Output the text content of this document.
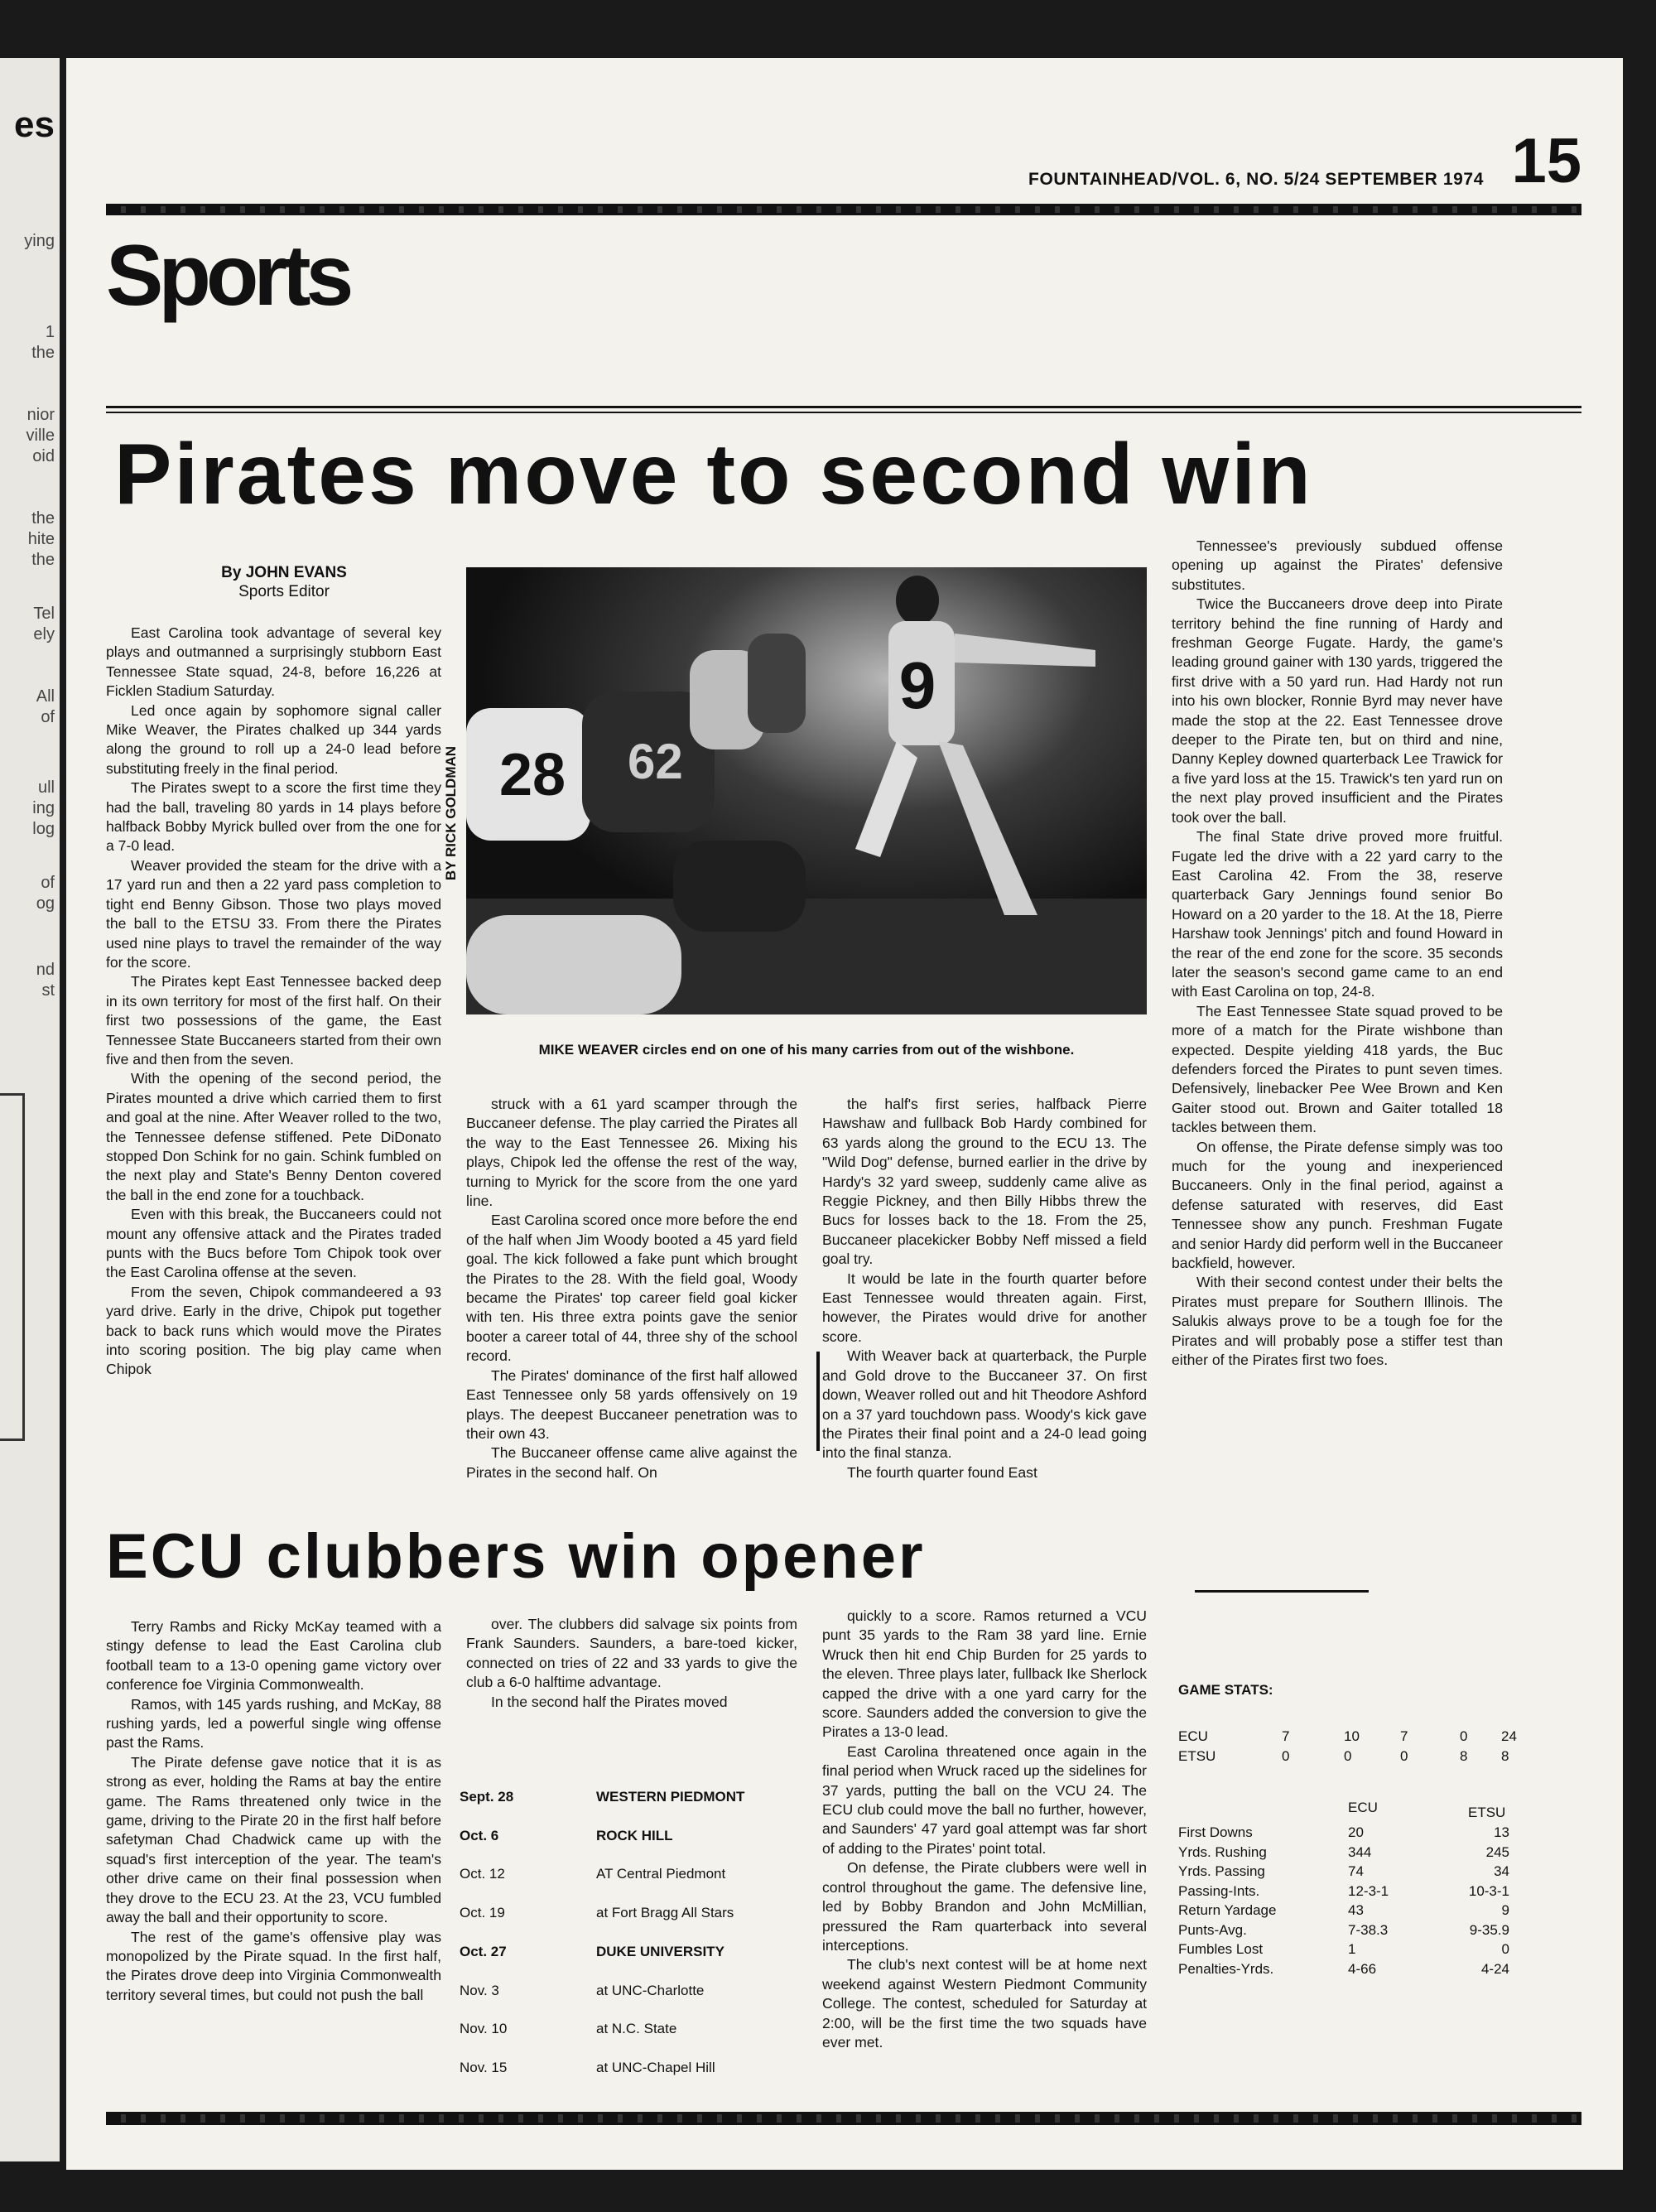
es
ying
1
the
nior
ville
oid
the
hite
the
Tel
ely
All
of
ull
ing
log
of
og
nd
st
FOUNTAINHEAD/VOL. 6, NO. 5/24 SEPTEMBER 1974 15
Sports
Pirates move to second win
By JOHN EVANS
Sports Editor

East Carolina took advantage of several key plays and outmanned a surprisingly stubborn East Tennessee State squad, 24-8, before 16,226 at Ficklen Stadium Saturday.

Led once again by sophomore signal caller Mike Weaver, the Pirates chalked up 344 yards along the ground to roll up a 24-0 lead before substituting freely in the final period.

The Pirates swept to a score the first time they had the ball, traveling 80 yards in 14 plays before halfback Bobby Myrick bulled over from the one for a 7-0 lead.

Weaver provided the steam for the drive with a 17 yard run and then a 22 yard pass completion to tight end Benny Gibson. Those two plays moved the ball to the ETSU 33. From there the Pirates used nine plays to travel the remainder of the way for the score.

The Pirates kept East Tennessee backed deep in its own territory for most of the first half. On their first two possessions of the game, the East Tennessee State Buccaneers started from their own five and then from the seven.

With the opening of the second period, the Pirates mounted a drive which carried them to first and goal at the nine. After Weaver rolled to the two, the Tennessee defense stiffened. Pete DiDonato stopped Don Schink for no gain. Schink fumbled on the next play and State's Benny Denton covered the ball in the end zone for a touchback.

Even with this break, the Buccaneers could not mount any offensive attack and the Pirates traded punts with the Bucs before Tom Chipok took over the East Carolina offense at the seven.

From the seven, Chipok commandeered a 93 yard drive. Early in the drive, Chipok put together back to back runs which would move the Pirates into scoring position. The big play came when Chipok

struck with a 61 yard scamper through the Buccaneer defense. The play carried the Pirates all the way to the East Tennessee 26. Mixing his plays, Chipok led the offense the rest of the way, turning to Myrick for the score from the one yard line.

East Carolina scored once more before the end of the half when Jim Woody booted a 45 yard field goal. The kick followed a fake punt which brought the Pirates to the 28. With the field goal, Woody became the Pirates' top career field goal kicker with ten. His three extra points gave the senior booter a career total of 44, three shy of the school record.

The Pirates' dominance of the first half allowed East Tennessee only 58 yards offensively on 19 plays. The deepest Buccaneer penetration was to their own 43.

The Buccaneer offense came alive against the Pirates in the second half. On

the half's first series, halfback Pierre Hawshaw and fullback Bob Hardy combined for 63 yards along the ground to the ECU 13. The "Wild Dog" defense, burned earlier in the drive by Hardy's 32 yard sweep, suddenly came alive as Reggie Pickney, and then Billy Hibbs threw the Bucs for losses back to the 18. From the 25, Buccaneer placekicker Bobby Neff missed a field goal try.

It would be late in the fourth quarter before East Tennessee would threaten again. First, however, the Pirates would drive for another score.

With Weaver back at quarterback, the Purple and Gold drove to the Buccaneer 37. On first down, Weaver rolled out and hit Theodore Ashford on a 37 yard touchdown pass. Woody's kick gave the Pirates their final point and a 24-0 lead going into the final stanza.

The fourth quarter found East

Tennessee's previously subdued offense opening up against the Pirates' defensive substitutes.

Twice the Buccaneers drove deep into Pirate territory behind the fine running of Hardy and freshman George Fugate. Hardy, the game's leading ground gainer with 130 yards, triggered the first drive with a 50 yard run. Had Hardy not run into his own blocker, Ronnie Byrd may never have made the stop at the 22. East Tennessee drove deeper to the Pirate ten, but on third and nine, Danny Kepley downed quarterback Lee Trawick for a five yard loss at the 15. Trawick's ten yard run on the next play proved insufficient and the Pirates took over the ball.

The final State drive proved more fruitful. Fugate led the drive with a 22 yard carry to the East Carolina 42. From the 38, reserve quarterback Gary Jennings found senior Bo Howard on a 20 yarder to the 18. At the 18, Pierre Harshaw took Jennings' pitch and found Howard in the rear of the end zone for the score. 35 seconds later the season's second game came to an end with East Carolina on top, 24-8.

The East Tennessee State squad proved to be more of a match for the Pirate wishbone than expected. Despite yielding 418 yards, the Buc defenders forced the Pirates to punt seven times. Defensively, linebacker Pee Wee Brown and Ken Gaiter stood out. Brown and Gaiter totalled 18 tackles between them.

On offense, the Pirate defense simply was too much for the young and inexperienced Buccaneers. Only in the final period, against a defense saturated with reserves, did East Tennessee show any punch. Freshman Fugate and senior Hardy did perform well in the Buccaneer backfield, however.

With their second contest under their belts the Pirates must prepare for Southern Illinois. The Salukis always prove to be a tough foe for the Pirates and will probably pose a stiffer test than either of the Pirates first two foes.

9
28 62
BY RICK GOLDMAN
MIKE WEAVER circles end on one of his many carries from out of the wishbone.
ECU clubbers win opener

Terry Rambs and Ricky McKay teamed with a stingy defense to lead the East Carolina club football team to a 13-0 opening game victory over conference foe Virginia Commonwealth.

Ramos, with 145 yards rushing, and McKay, 88 rushing yards, led a powerful single wing offense past the Rams.

The Pirate defense gave notice that it is as strong as ever, holding the Rams at bay the entire game. The Rams threatened only twice in the game, driving to the Pirate 20 in the first half before safetyman Chad Chadwick came up with the squad's first interception of the year. The team's other drive came on their final possession when they drove to the ECU 23. At the 23, VCU fumbled away the ball and their opportunity to score.

The rest of the game's offensive play was monopolized by the Pirate squad. In the first half, the Pirates drove deep into Virginia Commonwealth territory several times, but could not push the ball

over. The clubbers did salvage six points from Frank Saunders. Saunders, a bare-toed kicker, connected on tries of 22 and 33 yards to give the club a 6-0 halftime advantage.

In the second half the Pirates moved

quickly to a score. Ramos returned a VCU punt 35 yards to the Ram 38 yard line. Ernie Wruck then hit end Chip Burden for 25 yards to the eleven. Three plays later, fullback Ike Sherlock capped the drive with a one yard carry for the score. Saunders added the conversion to give the Pirates a 13-0 lead.

East Carolina threatened once again in the final period when Wruck raced up the sidelines for 37 yards, putting the ball on the VCU 24. The ECU club could move the ball no further, however, and Saunders' 47 yard goal attempt was far short of adding to the Pirates' point total.

On defense, the Pirate clubbers were well in control throughout the game. The defensive line, led by Bobby Brandon and John McMillian, pressured the Ram quarterback into several interceptions.

The club's next contest will be at home next weekend against Western Piedmont Community College. The contest, scheduled for Saturday at 2:00, will be the first time the two squads have ever met.

Sept. 28	WESTERN PIEDMONT
Oct. 6	ROCK HILL
Oct. 12	AT Central Piedmont
Oct. 19	at Fort Bragg All Stars
Oct. 27	DUKE UNIVERSITY
Nov. 3	at UNC-Charlotte
Nov. 10	at N.C. State
Nov. 15	at UNC-Chapel Hill
GAME STATS:
ECU	7	10	7	0 24
ETSU	0	0	0	8 8
ECU	ETSU
First Downs	20	13
Yrds. Rushing	344	245
Yrds. Passing	74	34
Passing-Ints.	12-3-1	10-3-1
Return Yardage	43	9
Punts-Avg.	7-38.3	9-35.9
Fumbles Lost	1	0
Penalties-Yrds.	4-66	4-24
